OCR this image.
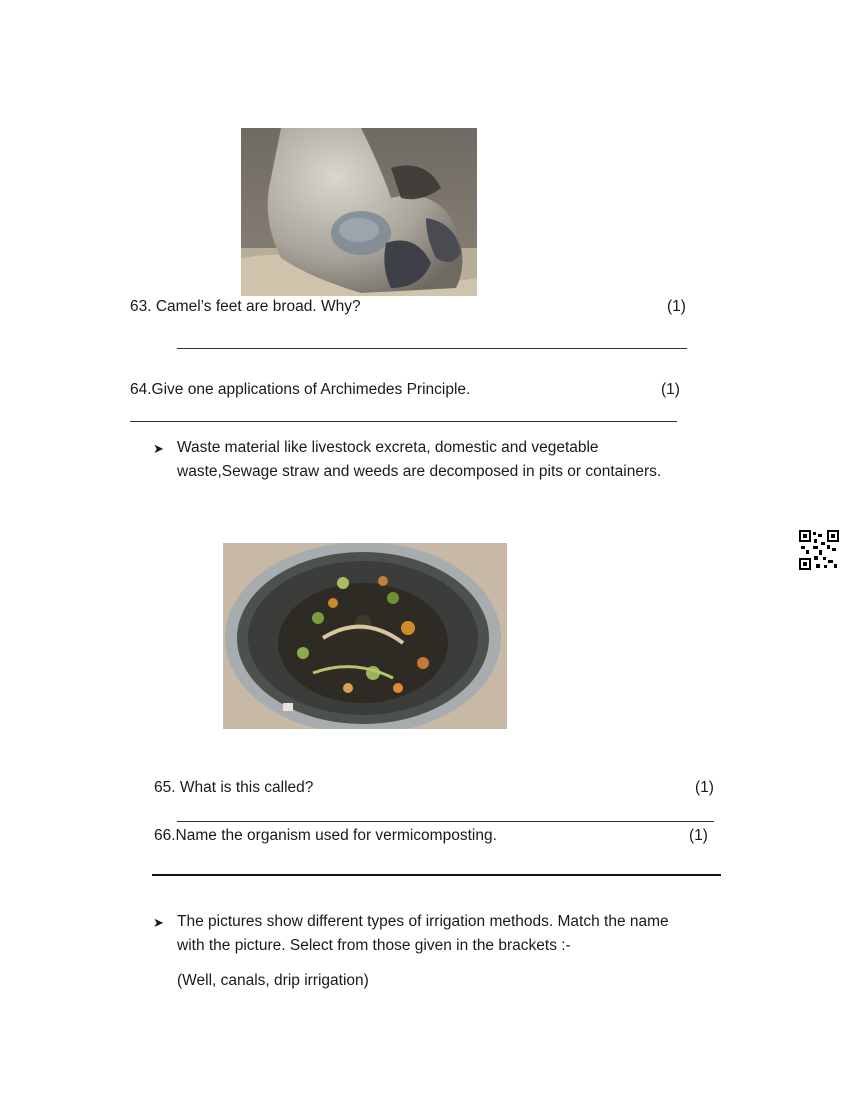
63. Camel’s feet are broad. Why?	(1)
64.Give one applications of Archimedes Principle.	(1)
➤ Waste material like livestock excreta, domestic and vegetable
waste,Sewage straw and weeds are decomposed in pits or containers.
65. What is this called?	(1)
66.Name the organism used for vermicomposting.	(1)
➤ The pictures show different types of irrigation methods. Match the name
with the picture. Select from those given in the brackets :-
(Well, canals, drip irrigation)
